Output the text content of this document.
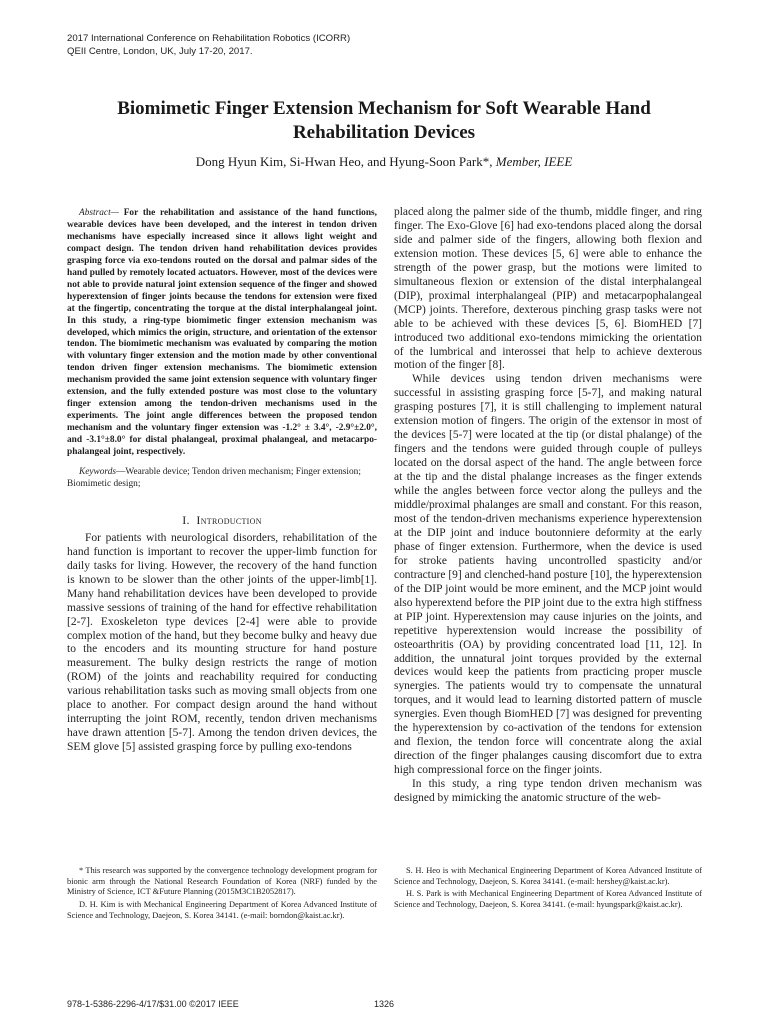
2017 International Conference on Rehabilitation Robotics (ICORR)
QEII Centre, London, UK, July 17-20, 2017.
Biomimetic Finger Extension Mechanism for Soft Wearable Hand Rehabilitation Devices
Dong Hyun Kim, Si-Hwan Heo, and Hyung-Soon Park*, Member, IEEE

Abstract— For the rehabilitation and assistance of the hand functions, wearable devices have been developed, and the interest in tendon driven mechanisms have especially increased since it allows light weight and compact design. The tendon driven hand rehabilitation devices provides grasping force via exo-tendons routed on the dorsal and palmar sides of the hand pulled by remotely located actuators. However, most of the devices were not able to provide natural joint extension sequence of the finger and showed hyperextension of finger joints because the tendons for extension were fixed at the fingertip, concentrating the torque at the distal interphalangeal joint. In this study, a ring-type biomimetic finger extension mechanism was developed, which mimics the origin, structure, and orientation of the extensor tendon. The biomimetic mechanism was evaluated by comparing the motion with voluntary finger extension and the motion made by other conventional tendon driven finger extension mechanisms. The biomimetic extension mechanism provided the same joint extension sequence with voluntary finger extension, and the fully extended posture was most close to the voluntary finger extension among the tendon-driven mechanisms used in the experiments. The joint angle differences between the proposed tendon mechanism and the voluntary finger extension was -1.2° ± 3.4°, -2.9°±2.0°, and -3.1°±8.0° for distal phalangeal, proximal phalangeal, and metacarpo-phalangeal joint, respectively.

Keywords—Wearable device; Tendon driven mechanism; Finger extension; Biomimetic design;

I. Introduction

For patients with neurological disorders, rehabilitation of the hand function is important to recover the upper-limb function for daily tasks for living. However, the recovery of the hand function is known to be slower than the other joints of the upper-limb[1]. Many hand rehabilitation devices have been developed to provide massive sessions of training of the hand for effective rehabilitation [2-7]. Exoskeleton type devices [2-4] were able to provide complex motion of the hand, but they become bulky and heavy due to the encoders and its mounting structure for hand posture measurement. The bulky design restricts the range of motion (ROM) of the joints and reachability required for conducting various rehabilitation tasks such as moving small objects from one place to another. For compact design around the hand without interrupting the joint ROM, recently, tendon driven mechanisms have drawn attention [5-7]. Among the tendon driven devices, the SEM glove [5] assisted grasping force by pulling exo-tendons

placed along the palmer side of the thumb, middle finger, and ring finger. The Exo-Glove [6] had exo-tendons placed along the dorsal side and palmer side of the fingers, allowing both flexion and extension motion. These devices [5, 6] were able to enhance the strength of the power grasp, but the motions were limited to simultaneous flexion or extension of the distal interphalangeal (DIP), proximal interphalangeal (PIP) and metacarpophalangeal (MCP) joints. Therefore, dexterous pinching grasp tasks were not able to be achieved with these devices [5, 6]. BiomHED [7] introduced two additional exo-tendons mimicking the orientation of the lumbrical and interossei that help to achieve dexterous motion of the finger [8].

While devices using tendon driven mechanisms were successful in assisting grasping force [5-7], and making natural grasping postures [7], it is still challenging to implement natural extension motion of fingers. The origin of the extensor in most of the devices [5-7] were located at the tip (or distal phalange) of the fingers and the tendons were guided through couple of pulleys located on the dorsal aspect of the hand. The angle between force at the tip and the distal phalange increases as the finger extends while the angles between force vector along the pulleys and the middle/proximal phalanges are small and constant. For this reason, most of the tendon-driven mechanisms experience hyperextension at the DIP joint and induce boutonniere deformity at the early phase of finger extension. Furthermore, when the device is used for stroke patients having uncontrolled spasticity and/or contracture [9] and clenched-hand posture [10], the hyperextension of the DIP joint would be more eminent, and the MCP joint would also hyperextend before the PIP joint due to the extra high stiffness at PIP joint. Hyperextension may cause injuries on the joints, and repetitive hyperextension would increase the possibility of osteoarthritis (OA) by providing concentrated load [11, 12]. In addition, the unnatural joint torques provided by the external devices would keep the patients from practicing proper muscle synergies. The patients would try to compensate the unnatural torques, and it would lead to learning distorted pattern of muscle synergies. Even though BiomHED [7] was designed for preventing the hyperextension by co-activation of the tendons for extension and flexion, the tendon force will concentrate along the axial direction of the finger phalanges causing discomfort due to extra high compressional force on the finger joints.

In this study, a ring type tendon driven mechanism was designed by mimicking the anatomic structure of the web-

* This research was supported by the convergence technology development program for bionic arm through the National Research Foundation of Korea (NRF) funded by the Ministry of Science, ICT &Future Planning (2015M3C1B2052817).

D. H. Kim is with Mechanical Engineering Department of Korea Advanced Institute of Science and Technology, Daejeon, S. Korea 34141. (e-mail: borndon@kaist.ac.kr).

S. H. Heo is with Mechanical Engineering Department of Korea Advanced Institute of Science and Technology, Daejeon, S. Korea 34141. (e-mail: hershey@kaist.ac.kr).

H. S. Park is with Mechanical Engineering Department of Korea Advanced Institute of Science and Technology, Daejeon, S. Korea 34141. (e-mail: hyungspark@kaist.ac.kr).

978-1-5386-2296-4/17/$31.00 ©2017 IEEE	1326
